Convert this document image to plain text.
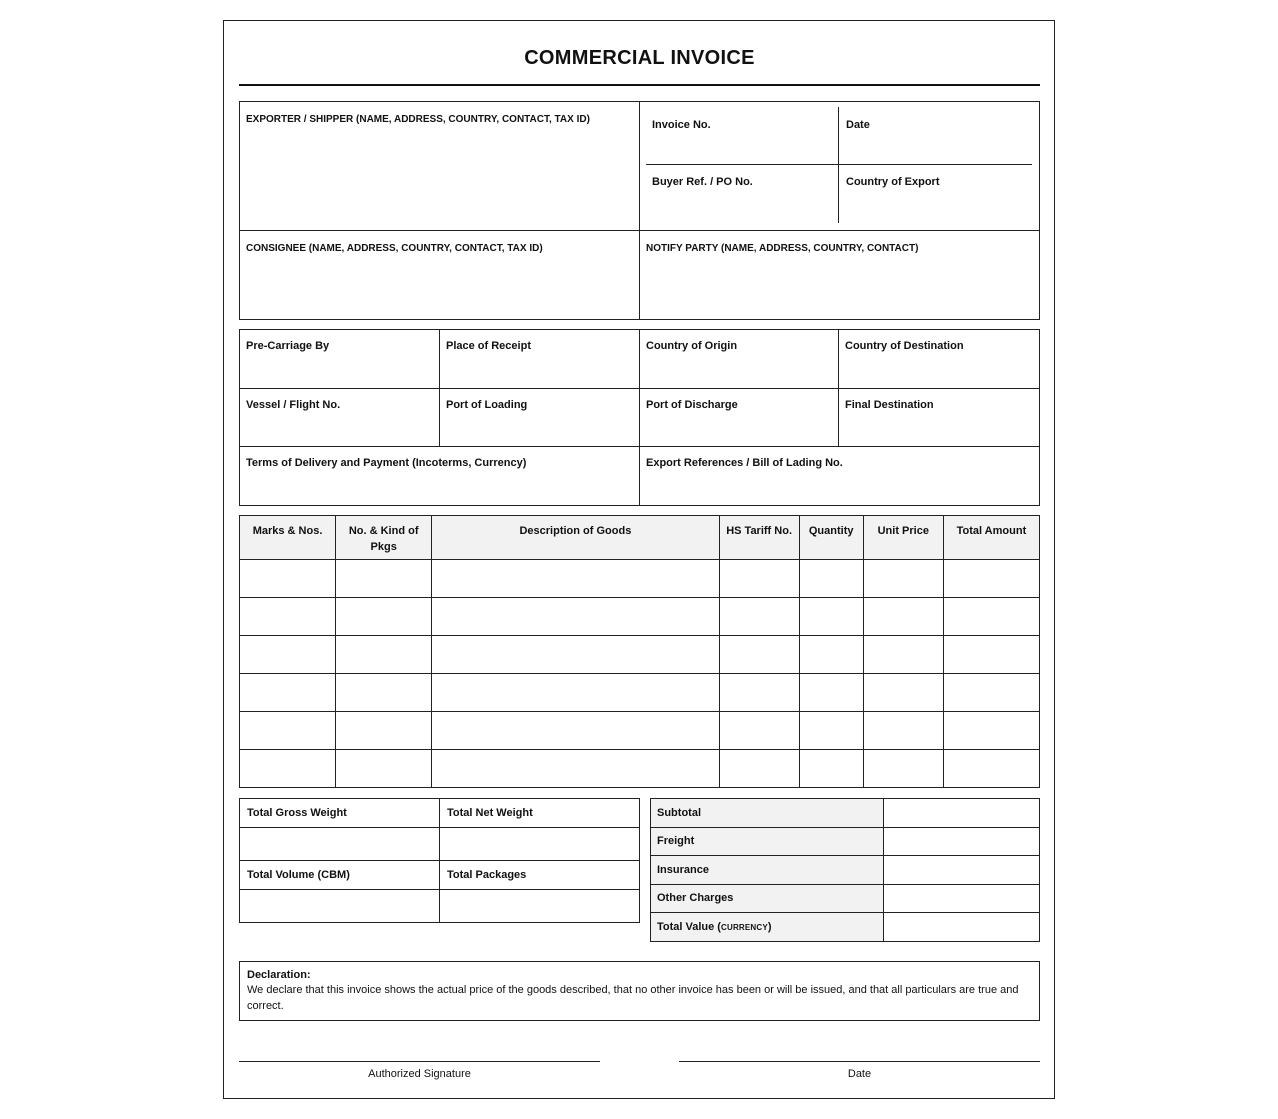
COMMERCIAL INVOICE
EXPORTER / SHIPPER (NAME, ADDRESS, COUNTRY, CONTACT, TAX ID)	Invoice No.	Date
Buyer Ref. / PO No.	Country of Export
CONSIGNEE (NAME, ADDRESS, COUNTRY, CONTACT, TAX ID)	NOTIFY PARTY (NAME, ADDRESS, COUNTRY, CONTACT)
Pre-Carriage By	Place of Receipt	Country of Origin	Country of Destination
Vessel / Flight No.	Port of Loading	Port of Discharge	Final Destination
Terms of Delivery and Payment (Incoterms, Currency)	Export References / Bill of Lading No.
Marks & Nos.	No. & Kind of Pkgs	Description of Goods	HS Tariff No.	Quantity	Unit Price	Total Amount

Total Gross Weight	Total Net Weight

Total Volume (CBM)	Total Packages

Subtotal	
Freight	
Insurance	
Other Charges	
Total Value (CURRENCY)	
Declaration:
We declare that this invoice shows the actual price of the goods described, that no other invoice has been or will be issued, and that all particulars are true and correct.
Authorized Signature	Date
